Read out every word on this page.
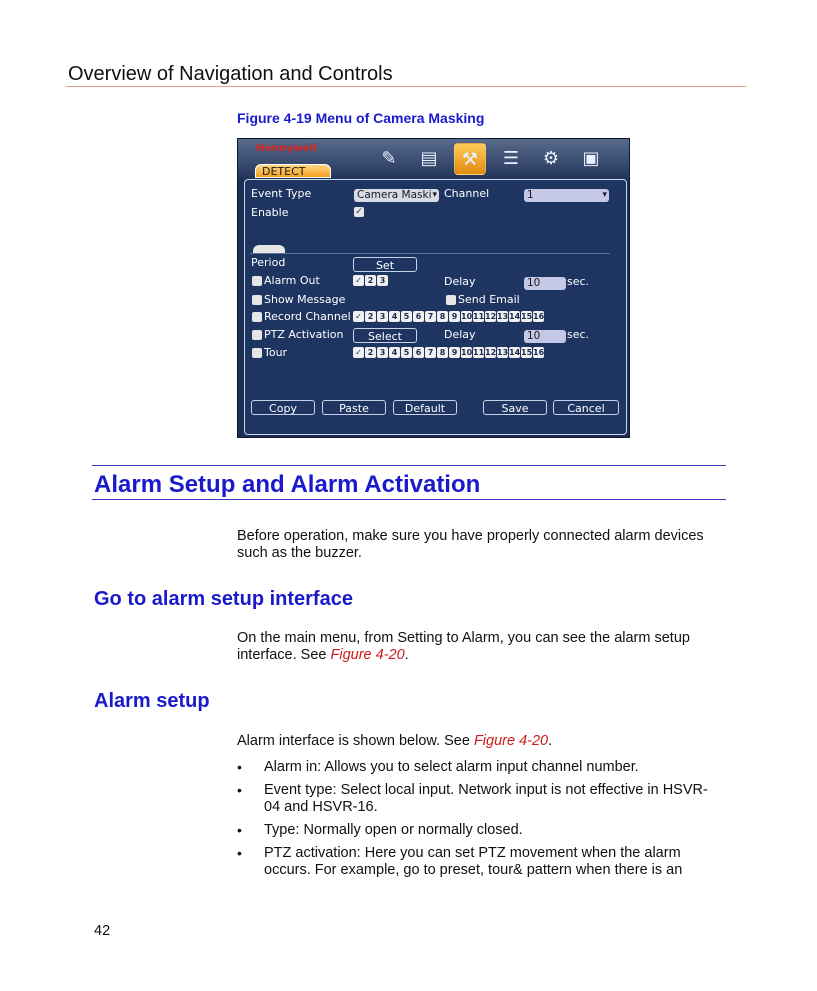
Overview of Navigation and Controls
Figure 4-19 Menu of Camera Masking
Honeywell
DETECT
✎	▤	⚒	☰	⚙	▣
Event Type	Camera Maski ▾ Channel	1	▾
Enable	✓
Period	Set
Alarm Out	✓ 2 3	Delay	10	sec.
Show Message	Send Email
Record Channel ✓ 2 3 4 5 6 7 8 9 10 11 12 13 14 15 16
PTZ Activation	Select	Delay	10	sec.
Tour	✓ 2 3 4 5 6 7 8 9 10 11 12 13 14 15 16
Copy	Paste	Default	Save	Cancel
Alarm Setup and Alarm Activation
Before operation, make sure you have properly connected alarm devices such as the buzzer.
Go to alarm setup interface
On the main menu, from Setting to Alarm, you can see the alarm setup interface. See Figure 4-20.
Alarm setup
Alarm interface is shown below. See Figure 4-20.
• Alarm in: Allows you to select alarm input channel number.
• Event type: Select local input. Network input is not effective in HSVR-04 and HSVR-16.
• Type: Normally open or normally closed.
• PTZ activation: Here you can set PTZ movement when the alarm occurs. For example, go to preset, tour& pattern when there is an
42
